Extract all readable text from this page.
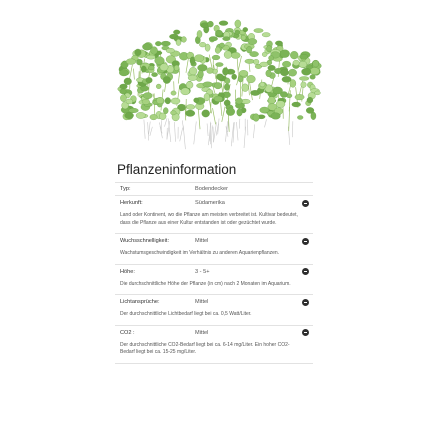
Pflanzeninformation
Typ:	Bodendecker
Herkunft:	Südamerika
Land oder Kontinent, wo die Pflanze am meisten verbreitet ist. Kultivar bedeutet, dass die Pflanze aus einer Kultur entstanden ist oder gezüchtet wurde.
Wuchsschnelligkeit:	Mittel
Wachstumsgeschwindigkeit im Verhältnis zu anderen Aquarienpflanzen.
Höhe:	3 - 5+
Die durchschnittliche Höhe der Pflanze (in cm) nach 2 Monaten im Aquarium.
Lichtansprüche:	Mittel
Der durchschnittliche Lichtbedarf liegt bei ca. 0,5 Watt/Liter.
CO2 :	Mittel
Der durchschnittliche CO2-Bedarf liegt bei ca. 6-14 mg/Liter. Ein hoher CO2-Bedarf liegt bei ca. 15-25 mg/Liter.
